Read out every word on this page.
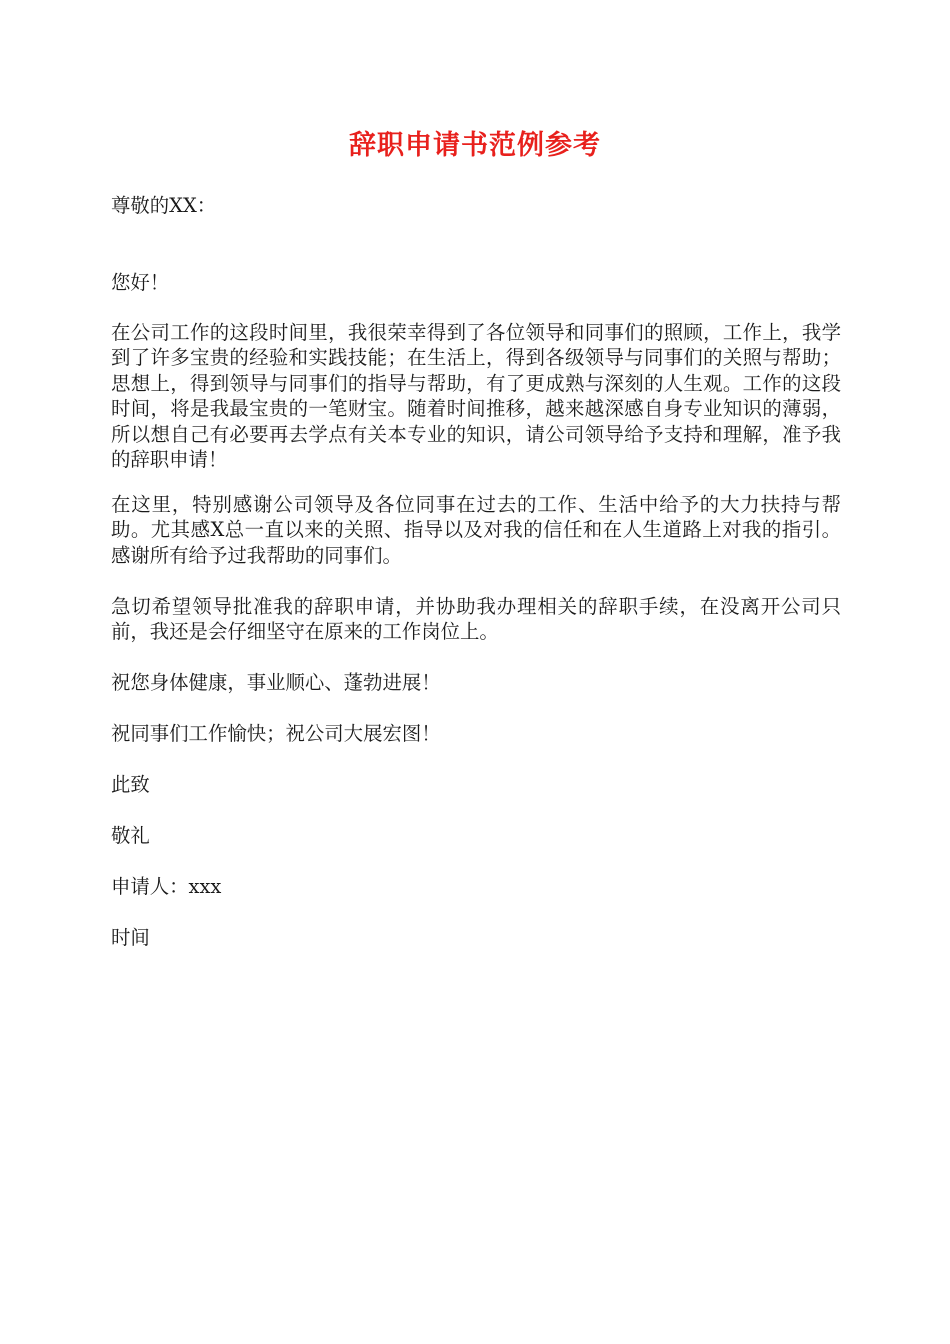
辞职申请书范例参考

尊敬的XX：

您好！

在公司工作的这段时间里，我很荣幸得到了各位领导和同事们的照顾，工作上，我学到了许多宝贵的经验和实践技能；在生活上，得到各级领导与同事们的关照与帮助；思想上，得到领导与同事们的指导与帮助，有了更成熟与深刻的人生观。工作的这段时间，将是我最宝贵的一笔财宝。随着时间推移，越来越深感自身专业知识的薄弱，所以想自己有必要再去学点有关本专业的知识，请公司领导给予支持和理解，准予我的辞职申请！

在这里，特别感谢公司领导及各位同事在过去的工作、生活中给予的大力扶持与帮助。尤其感X总一直以来的关照、指导以及对我的信任和在人生道路上对我的指引。感谢所有给予过我帮助的同事们。

急切希望领导批准我的辞职申请，并协助我办理相关的辞职手续，在没离开公司只前，我还是会仔细坚守在原来的工作岗位上。

祝您身体健康，事业顺心、蓬勃进展！

祝同事们工作愉快；祝公司大展宏图！

此致

敬礼

申请人：xxx

时间
